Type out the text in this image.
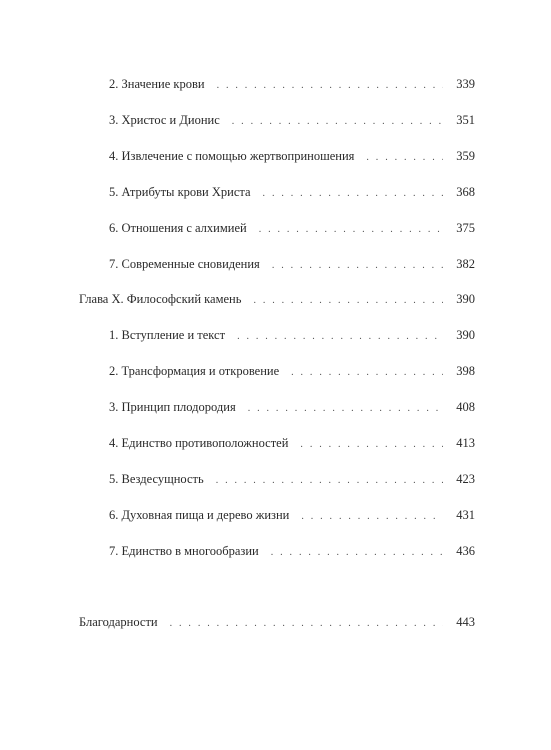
2. Значение крови . . .	339
3. Христос и Дионис . . .	351
4. Извлечение с помощью жертвоприношения . . .	359
5. Атрибуты крови Христа . . .	368
6. Отношения с алхимией . . .	375
7. Современные сновидения . . .	382
Глава X. Философский камень . . .	390
1. Вступление и текст . . .	390
2. Трансформация и откровение . . .	398
3. Принцип плодородия . . .	408
4. Единство противоположностей . . .	413
5. Вездесущность . . .	423
6. Духовная пища и дерево жизни . . .	431
7. Единство в многообразии . . .	436
Благодарности . . .	443
